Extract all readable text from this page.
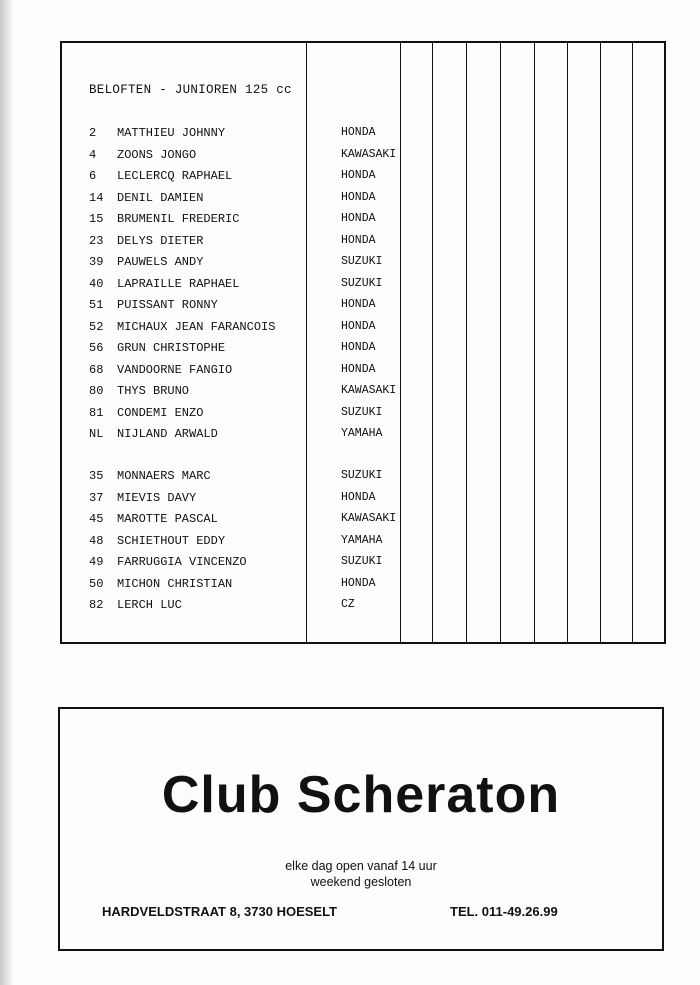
BELOFTEN - JUNIOREN 125 cc
2	MATTHIEU JOHNNY	HONDA
4	ZOONS JONGO	KAWASAKI
6	LECLERCQ RAPHAEL	HONDA
14	DENIL DAMIEN	HONDA
15	BRUMENIL FREDERIC	HONDA
23	DELYS DIETER	HONDA
39	PAUWELS ANDY	SUZUKI
40	LAPRAILLE RAPHAEL	SUZUKI
51	PUISSANT RONNY	HONDA
52	MICHAUX JEAN FARANCOIS	HONDA
56	GRUN CHRISTOPHE	HONDA
68	VANDOORNE FANGIO	HONDA
80	THYS BRUNO	KAWASAKI
81	CONDEMI ENZO	SUZUKI
NL	NIJLAND ARWALD	YAMAHA
35	MONNAERS MARC	SUZUKI
37	MIEVIS DAVY	HONDA
45	MAROTTE PASCAL	KAWASAKI
48	SCHIETHOUT EDDY	YAMAHA
49	FARRUGGIA VINCENZO	SUZUKI
50	MICHON CHRISTIAN	HONDA
82	LERCH LUC	CZ
Club Scheraton
elke dag open vanaf 14 uur
weekend gesloten
HARDVELDSTRAAT 8, 3730 HOESELT	TEL. 011-49.26.99
